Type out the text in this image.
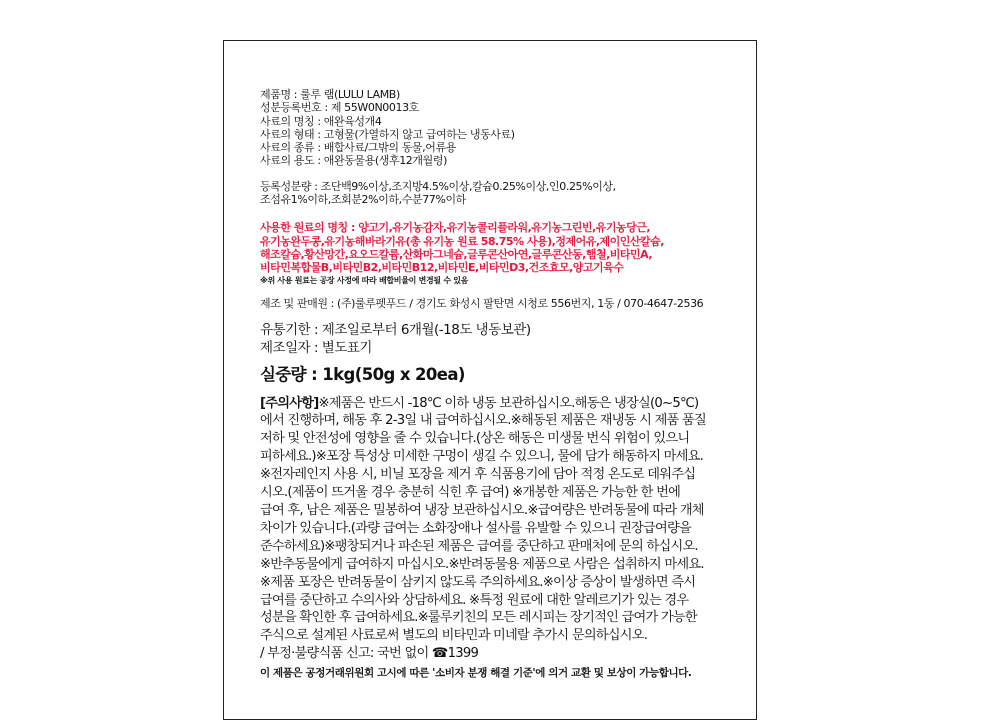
제품명 : 룰루 램(LULU LAMB)
성분등록번호 : 제 55W0N0013호
사료의 명칭 : 애완육성개4
사료의 형태 : 고형물(가열하지 않고 급여하는 냉동사료)
사료의 종류 : 배합사료/그밖의 동물,어류용
사료의 용도 : 애완동물용(생후12개월령)
등록성분량 : 조단백9%이상,조지방4.5%이상,칼슘0.25%이상,인0.25%이상,
조섬유1%이하,조회분2%이하,수분77%이하
사용한 원료의 명칭 : 양고기,유기농감자,유기농콜리플라워,유기농그린빈,유기농당근,
유기농완두콩,유기농해바라기유(총 유기농 원료 58.75% 사용),정제어유,제이인산칼슘,
해조칼슘,황산망간,요오드칼륨,산화마그네슘,글루콘산아연,글루콘산동,햄철,비타민A,
비타민복합물B,비타민B2,비타민B12,비타민E,비타민D3,건조효모,양고기육수
※위 사용 원료는 공장 사정에 따라 배합비율이 변경될 수 있음
제조 및 판매원 : (주)룰루펫푸드 / 경기도 화성시 팔탄면 시청로 556번지, 1동 / 070-4647-2536
유통기한 : 제조일로부터 6개월(-18도 냉동보관)
제조일자 : 별도표기
실중량 : 1kg(50g x 20ea)
[주의사항]※제품은 반드시 -18℃ 이하 냉동 보관하십시오.해동은 냉장실(0~5℃)
에서 진행하며, 해동 후 2-3일 내 급여하십시오.※해동된 제품은 재냉동 시 제품 품질
저하 및 안전성에 영향을 줄 수 있습니다.(상온 해동은 미생물 번식 위험이 있으니
피하세요.)※포장 특성상 미세한 구멍이 생길 수 있으니, 물에 담가 해동하지 마세요.
※전자레인지 사용 시, 비닐 포장을 제거 후 식품용기에 담아 적정 온도로 데워주십
시오.(제품이 뜨거울 경우 충분히 식힌 후 급여) ※개봉한 제품은 가능한 한 번에
급여 후, 남은 제품은 밀봉하여 냉장 보관하십시오.※급여량은 반려동물에 따라 개체
차이가 있습니다.(과량 급여는 소화장애나 설사를 유발할 수 있으니 권장급여량을
준수하세요)※팽창되거나 파손된 제품은 급여를 중단하고 판매처에 문의 하십시오.
※반추동물에게 급여하지 마십시오.※반려동물용 제품으로 사람은 섭취하지 마세요.
※제품 포장은 반려동물이 삼키지 않도록 주의하세요.※이상 증상이 발생하면 즉시
급여를 중단하고 수의사와 상담하세요. ※특정 원료에 대한 알레르기가 있는 경우
성분을 확인한 후 급여하세요.※룰루키친의 모든 레시피는 장기적인 급여가 가능한
주식으로 설계된 사료로써 별도의 비타민과 미네랄 추가시 문의하십시오.
/ 부정·불량식품 신고: 국번 없이 ☎1399
이 제품은 공정거래위원회 고시에 따른 '소비자 분쟁 해결 기준'에 의거 교환 및 보상이 가능합니다.
